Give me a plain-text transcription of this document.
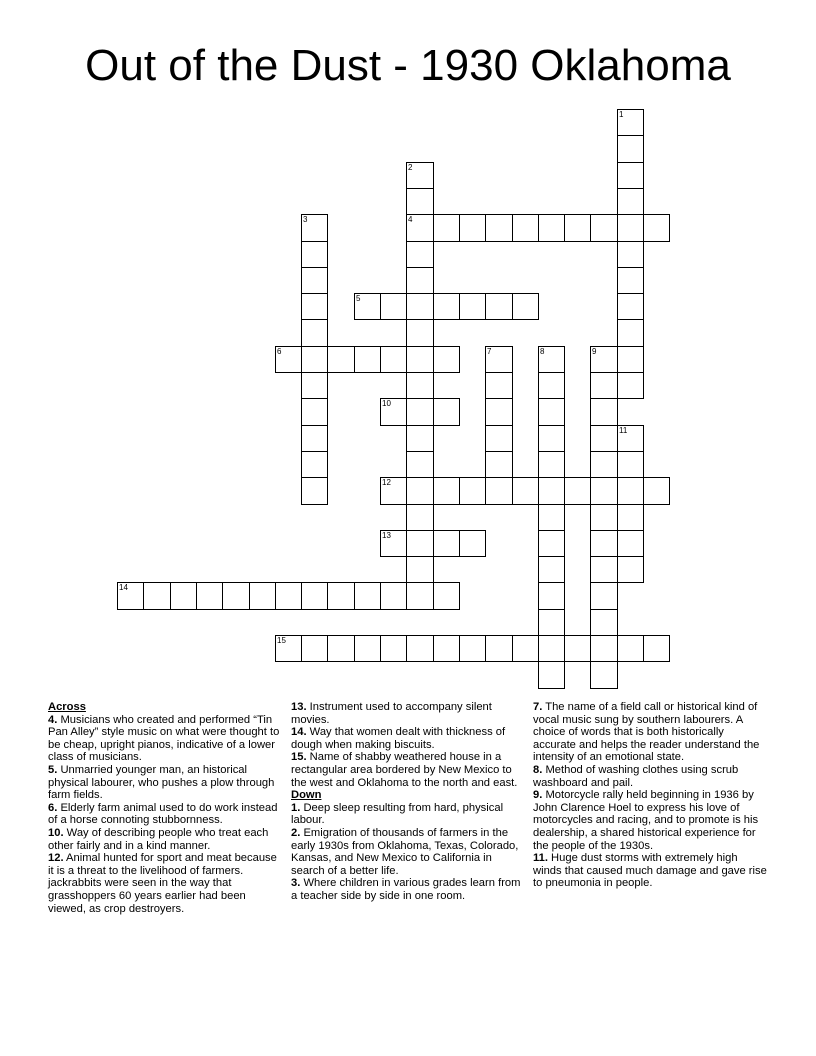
Out of the Dust - 1930 Oklahoma
4
5
6
10
12
13
14
15
1
2
3
7	8	9
11

Across

4. Musicians who created and performed “Tin Pan Alley” style music on what were thought to be cheap, upright pianos, indicative of a lower class of musicians.

5. Unmarried younger man, an historical physical labourer, who pushes a plow through farm fields.

6. Elderly farm animal used to do work instead of a horse connoting stubbornness.

10. Way of describing people who treat each other fairly and in a kind manner.

12. Animal hunted for sport and meat because it is a threat to the livelihood of farmers. jackrabbits were seen in the way that grasshoppers 60 years earlier had been viewed, as crop destroyers.

13. Instrument used to accompany silent movies.

14. Way that women dealt with thickness of dough when making biscuits.

15. Name of shabby weathered house in a rectangular area bordered by New Mexico to the west and Oklahoma to the north and east.

Down

1. Deep sleep resulting from hard, physical labour.

2. Emigration of thousands of farmers in the early 1930s from Oklahoma, Texas, Colorado, Kansas, and New Mexico to California in search of a better life.

3. Where children in various grades learn from a teacher side by side in one room.

7. The name of a field call or historical kind of vocal music sung by southern labourers. A choice of words that is both historically accurate and helps the reader understand the intensity of an emotional state.

8. Method of washing clothes using scrub washboard and pail.

9. Motorcycle rally held beginning in 1936 by John Clarence Hoel to express his love of motorcycles and racing, and to promote is his dealership, a shared historical experience for the people of the 1930s.

11. Huge dust storms with extremely high winds that caused much damage and gave rise to pneumonia in people.
